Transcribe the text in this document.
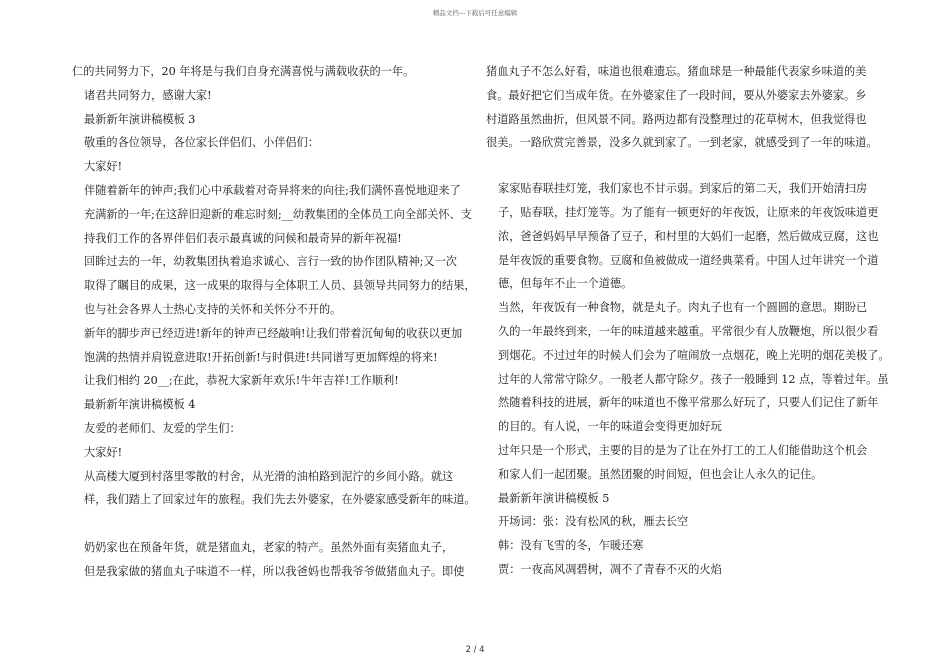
精品文档---下载后可任意编辑

仁的共同努力下，20 年将是与我们自身充满喜悦与满载收获的一年。

诸君共同努力，感谢大家!

最新新年演讲稿模板 3

敬重的各位领导，各位家长伴侣们、小伴侣们：

大家好!

伴随着新年的钟声;我们心中承载着对奇异将来的向往;我们满怀喜悦地迎来了
充满新的一年;在这辞旧迎新的难忘时刻;__幼教集团的全体员工向全部关怀、支
持我们工作的各界伴侣们表示最真诚的问候和最奇异的新年祝福!

回眸过去的一年，幼教集团执着追求诚心、言行一致的协作团队精神;又一次
取得了瞩目的成果，这一成果的取得与全体职工人员、县领导共同努力的结果，
也与社会各界人士热心支持的关怀和关怀分不开的。

新年的脚步声已经迈进!新年的钟声已经敲响!让我们带着沉甸甸的收获以更加
饱满的热情并肩锐意进取!开拓创新!与时俱进!共同谱写更加辉煌的将来!

让我们相约 20__;在此，恭祝大家新年欢乐!牛年吉祥!工作顺利!

最新新年演讲稿模板 4

友爱的老师们、友爱的学生们：

大家好!

从高楼大厦到村落里零散的村舍，从光滑的油柏路到泥泞的乡间小路。就这
样，我们踏上了回家过年的旅程。我们先去外婆家，在外婆家感受新年的味道。

奶奶家也在预备年货，就是猪血丸，老家的特产。虽然外面有卖猪血丸子，
但是我家做的猪血丸子味道不一样，所以我爸妈也帮我爷爷做猪血丸子。即使

猪血丸子不怎么好看，味道也很难遗忘。猪血球是一种最能代表家乡味道的美
食。最好把它们当成年货。在外婆家住了一段时间，要从外婆家去外婆家。乡
村道路虽然曲折，但风景不同。路两边都有没整理过的花草树木，但我觉得也
很美。一路欣赏完善景，没多久就到家了。一到老家，就感受到了一年的味道。

家家贴春联挂灯笼，我们家也不甘示弱。到家后的第二天，我们开始清扫房
子，贴春联，挂灯笼等。为了能有一顿更好的年夜饭，让原来的年夜饭味道更
浓，爸爸妈妈早早预备了豆子，和村里的大妈们一起磨，然后做成豆腐，这也
是年夜饭的重要食物。豆腐和鱼被做成一道经典菜肴。中国人过年讲究一个道
德，但每年不止一个道德。

当然，年夜饭有一种食物，就是丸子。肉丸子也有一个圆圆的意思。期盼已
久的一年最终到来，一年的味道越来越重。平常很少有人放鞭炮，所以很少看
到烟花。不过过年的时候人们会为了喧闹放一点烟花，晚上光明的烟花美极了。
过年的人常常守除夕。一般老人都守除夕。孩子一般睡到 12 点，等着过年。虽
然随着科技的进展，新年的味道也不像平常那么好玩了，只要人们记住了新年
的目的。有人说，一年的味道会变得更加好玩

过年只是一个形式，主要的目的是为了让在外打工的工人们能借助这个机会
和家人们一起团聚。虽然团聚的时间短，但也会让人永久的记住。

最新新年演讲稿模板 5

开场词：张：没有松风的秋，雁去长空

韩：没有飞雪的冬，乍暖还寒

贾：一夜高风凋碧树，凋不了青春不灭的火焰

2 / 4
